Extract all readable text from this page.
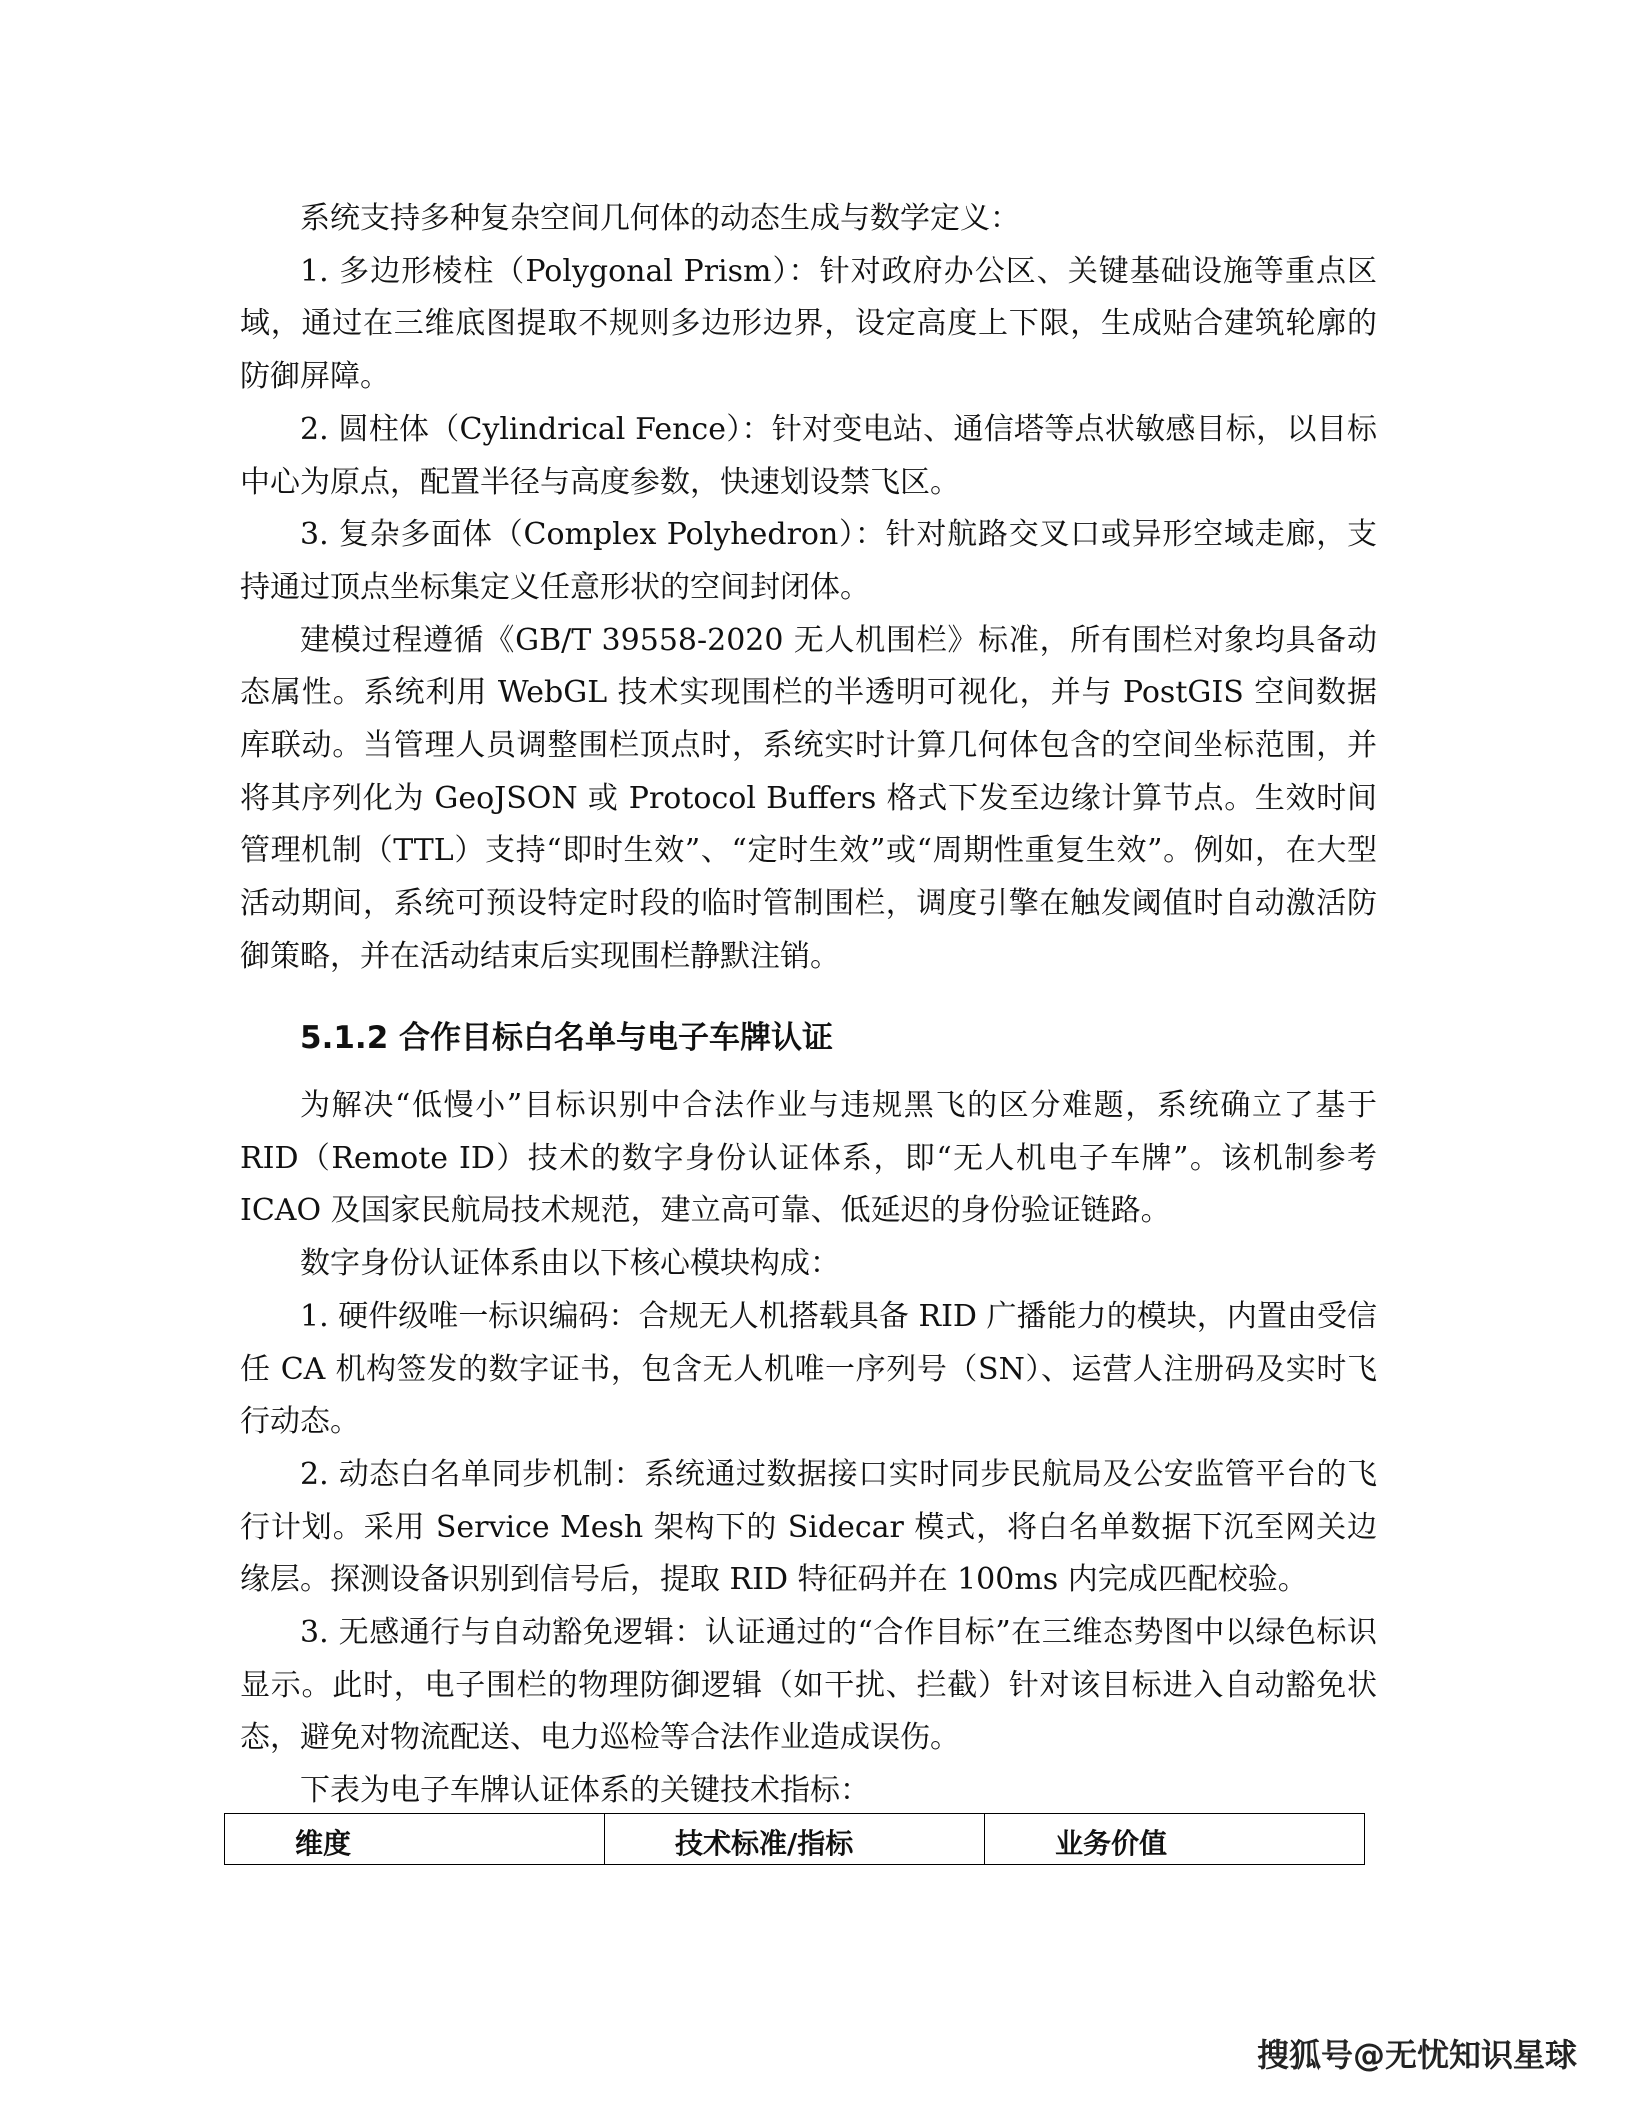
系统支持多种复杂空间几何体的动态生成与数学定义：

1. 多边形棱柱（Polygonal Prism）：针对政府办公区、关键基础设施等重点区域，通过在三维底图提取不规则多边形边界，设定高度上下限，生成贴合建筑轮廓的防御屏障。

2. 圆柱体（Cylindrical Fence）：针对变电站、通信塔等点状敏感目标，以目标中心为原点，配置半径与高度参数，快速划设禁飞区。

3. 复杂多面体（Complex Polyhedron）：针对航路交叉口或异形空域走廊，支持通过顶点坐标集定义任意形状的空间封闭体。

建模过程遵循《GB/T 39558-2020 无人机围栏》标准，所有围栏对象均具备动态属性。系统利用 WebGL 技术实现围栏的半透明可视化，并与 PostGIS 空间数据库联动。当管理人员调整围栏顶点时，系统实时计算几何体包含的空间坐标范围，并将其序列化为 GeoJSON 或 Protocol Buffers 格式下发至边缘计算节点。生效时间管理机制（TTL）支持“即时生效”、“定时生效”或“周期性重复生效”。例如，在大型活动期间，系统可预设特定时段的临时管制围栏，调度引擎在触发阈值时自动激活防御策略，并在活动结束后实现围栏静默注销。

5.1.2 合作目标白名单与电子车牌认证

为解决“低慢小”目标识别中合法作业与违规黑飞的区分难题，系统确立了基于 RID（Remote ID）技术的数字身份认证体系，即“无人机电子车牌”。该机制参考 ICAO 及国家民航局技术规范，建立高可靠、低延迟的身份验证链路。

数字身份认证体系由以下核心模块构成：

1. 硬件级唯一标识编码：合规无人机搭载具备 RID 广播能力的模块，内置由受信任 CA 机构签发的数字证书，包含无人机唯一序列号（SN）、运营人注册码及实时飞行动态。

2. 动态白名单同步机制：系统通过数据接口实时同步民航局及公安监管平台的飞行计划。采用 Service Mesh 架构下的 Sidecar 模式，将白名单数据下沉至网关边缘层。探测设备识别到信号后，提取 RID 特征码并在 100ms 内完成匹配校验。

3. 无感通行与自动豁免逻辑：认证通过的“合作目标”在三维态势图中以绿色标识显示。此时，电子围栏的物理防御逻辑（如干扰、拦截）针对该目标进入自动豁免状态，避免对物流配送、电力巡检等合法作业造成误伤。

下表为电子车牌认证体系的关键技术指标：

维度	技术标准/指标	业务价值
搜狐号@无忧知识星球
